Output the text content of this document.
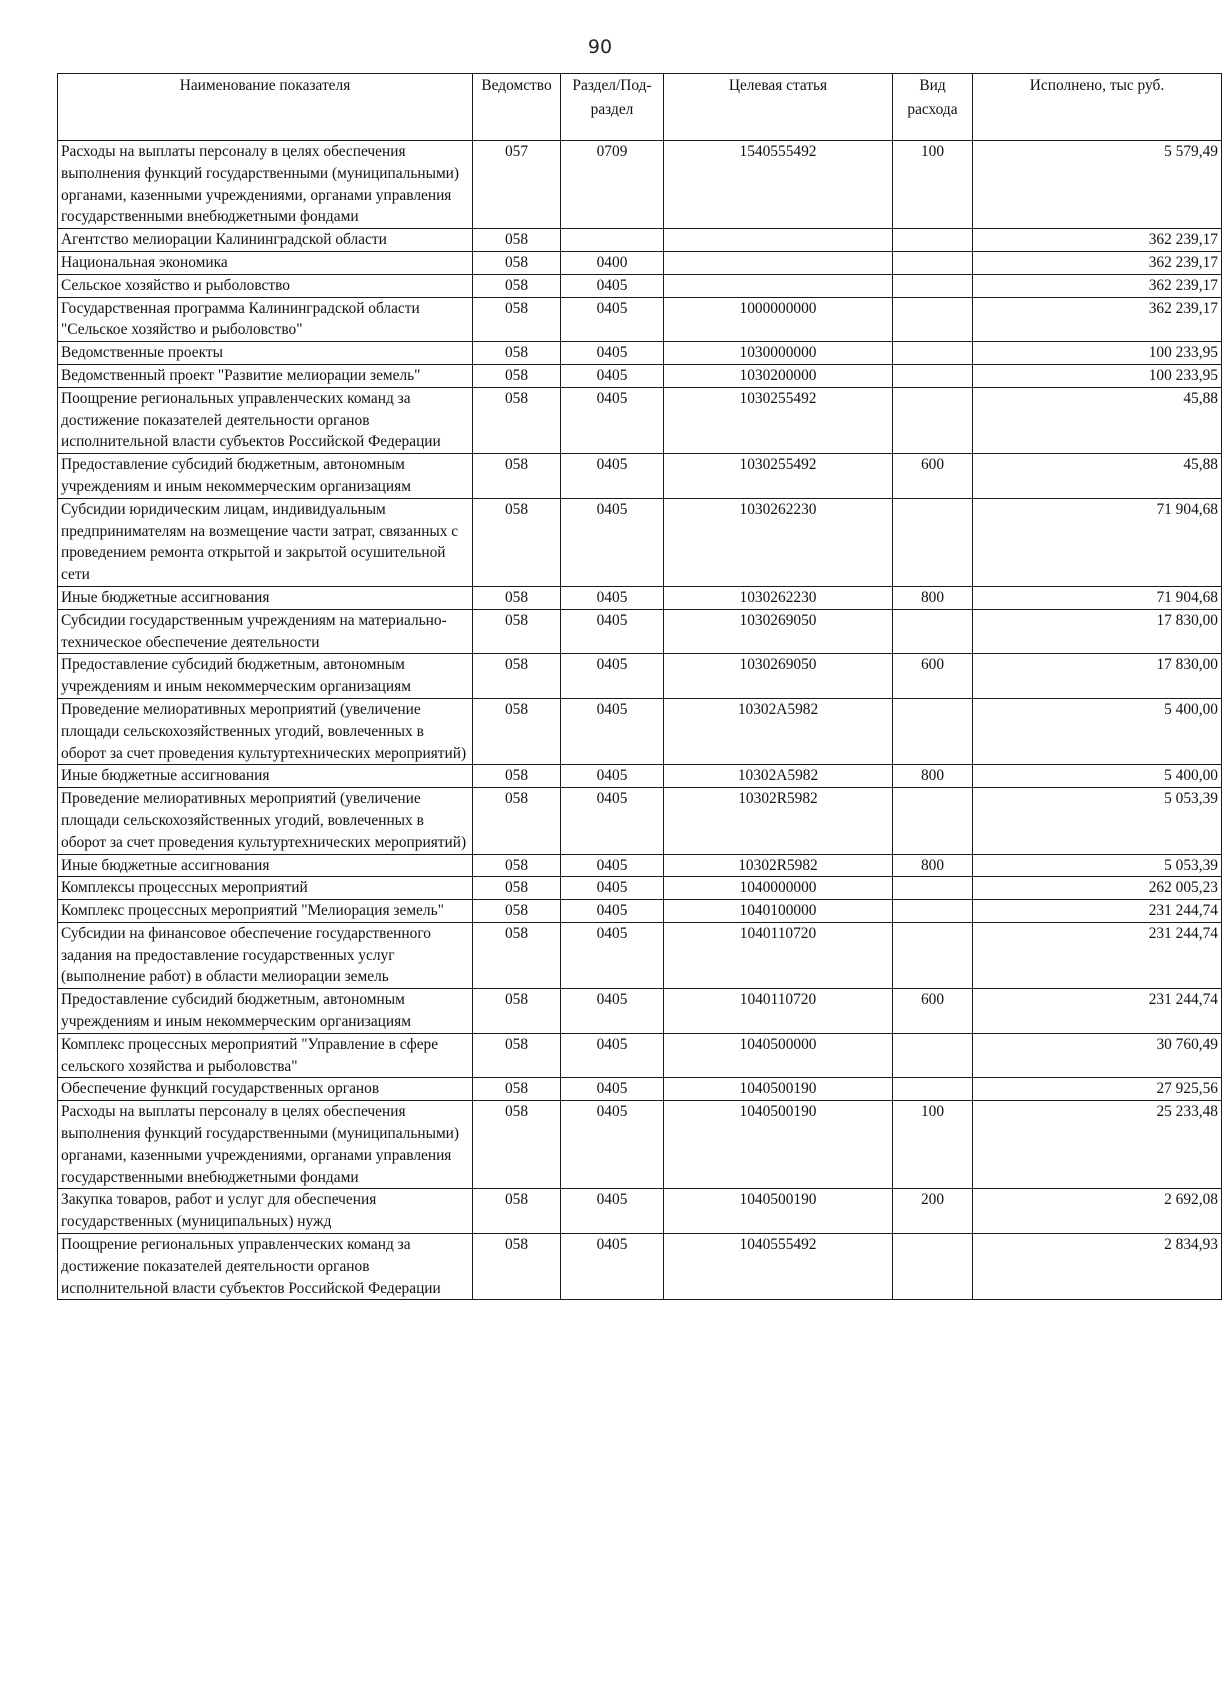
90
Наименование показателя	Ведомство	Раздел/Под-раздел	Целевая статья	Вид расхода	Исполнено, тыс руб.
Расходы на выплаты персоналу в целях обеспечения выполнения функций государственными (муниципальными) органами, казенными учреждениями, органами управления государственными внебюджетными фондами	057	0709	1540555492	100	5 579,49
Агентство мелиорации Калининградской области	058				362 239,17
Национальная экономика	058	0400			362 239,17
Сельское хозяйство и рыболовство	058	0405			362 239,17
Государственная программа Калининградской области "Сельское хозяйство и рыболовство"	058	0405	1000000000		362 239,17
Ведомственные проекты	058	0405	1030000000		100 233,95
Ведомственный проект "Развитие мелиорации земель"	058	0405	1030200000		100 233,95
Поощрение региональных управленческих команд за достижение показателей деятельности органов исполнительной власти субъектов Российской Федерации	058	0405	1030255492		45,88
Предоставление субсидий бюджетным, автономным учреждениям и иным некоммерческим организациям	058	0405	1030255492	600	45,88
Субсидии юридическим лицам, индивидуальным предпринимателям на возмещение части затрат, связанных с проведением ремонта открытой и закрытой осушительной сети	058	0405	1030262230		71 904,68
Иные бюджетные ассигнования	058	0405	1030262230	800	71 904,68
Субсидии государственным учреждениям на материально-техническое обеспечение деятельности	058	0405	1030269050		17 830,00
Предоставление субсидий бюджетным, автономным учреждениям и иным некоммерческим организациям	058	0405	1030269050	600	17 830,00
Проведение мелиоративных мероприятий (увеличение площади сельскохозяйственных угодий, вовлеченных в оборот за счет проведения культуртехнических мероприятий)	058	0405	10302A5982		5 400,00
Иные бюджетные ассигнования	058	0405	10302A5982	800	5 400,00
Проведение мелиоративных мероприятий (увеличение площади сельскохозяйственных угодий, вовлеченных в оборот за счет проведения культуртехнических мероприятий)	058	0405	10302R5982		5 053,39
Иные бюджетные ассигнования	058	0405	10302R5982	800	5 053,39
Комплексы процессных мероприятий	058	0405	1040000000		262 005,23
Комплекс процессных мероприятий "Мелиорация земель"	058	0405	1040100000		231 244,74
Субсидии на финансовое обеспечение государственного задания на предоставление государственных услуг (выполнение работ) в области мелиорации земель	058	0405	1040110720		231 244,74
Предоставление субсидий бюджетным, автономным учреждениям и иным некоммерческим организациям	058	0405	1040110720	600	231 244,74
Комплекс процессных мероприятий "Управление в сфере сельского хозяйства и рыболовства"	058	0405	1040500000		30 760,49
Обеспечение функций государственных органов	058	0405	1040500190		27 925,56
Расходы на выплаты персоналу в целях обеспечения выполнения функций государственными (муниципальными) органами, казенными учреждениями, органами управления государственными внебюджетными фондами	058	0405	1040500190	100	25 233,48
Закупка товаров, работ и услуг для обеспечения государственных (муниципальных) нужд	058	0405	1040500190	200	2 692,08
Поощрение региональных управленческих команд за достижение показателей деятельности органов исполнительной власти субъектов Российской Федерации	058	0405	1040555492		2 834,93
